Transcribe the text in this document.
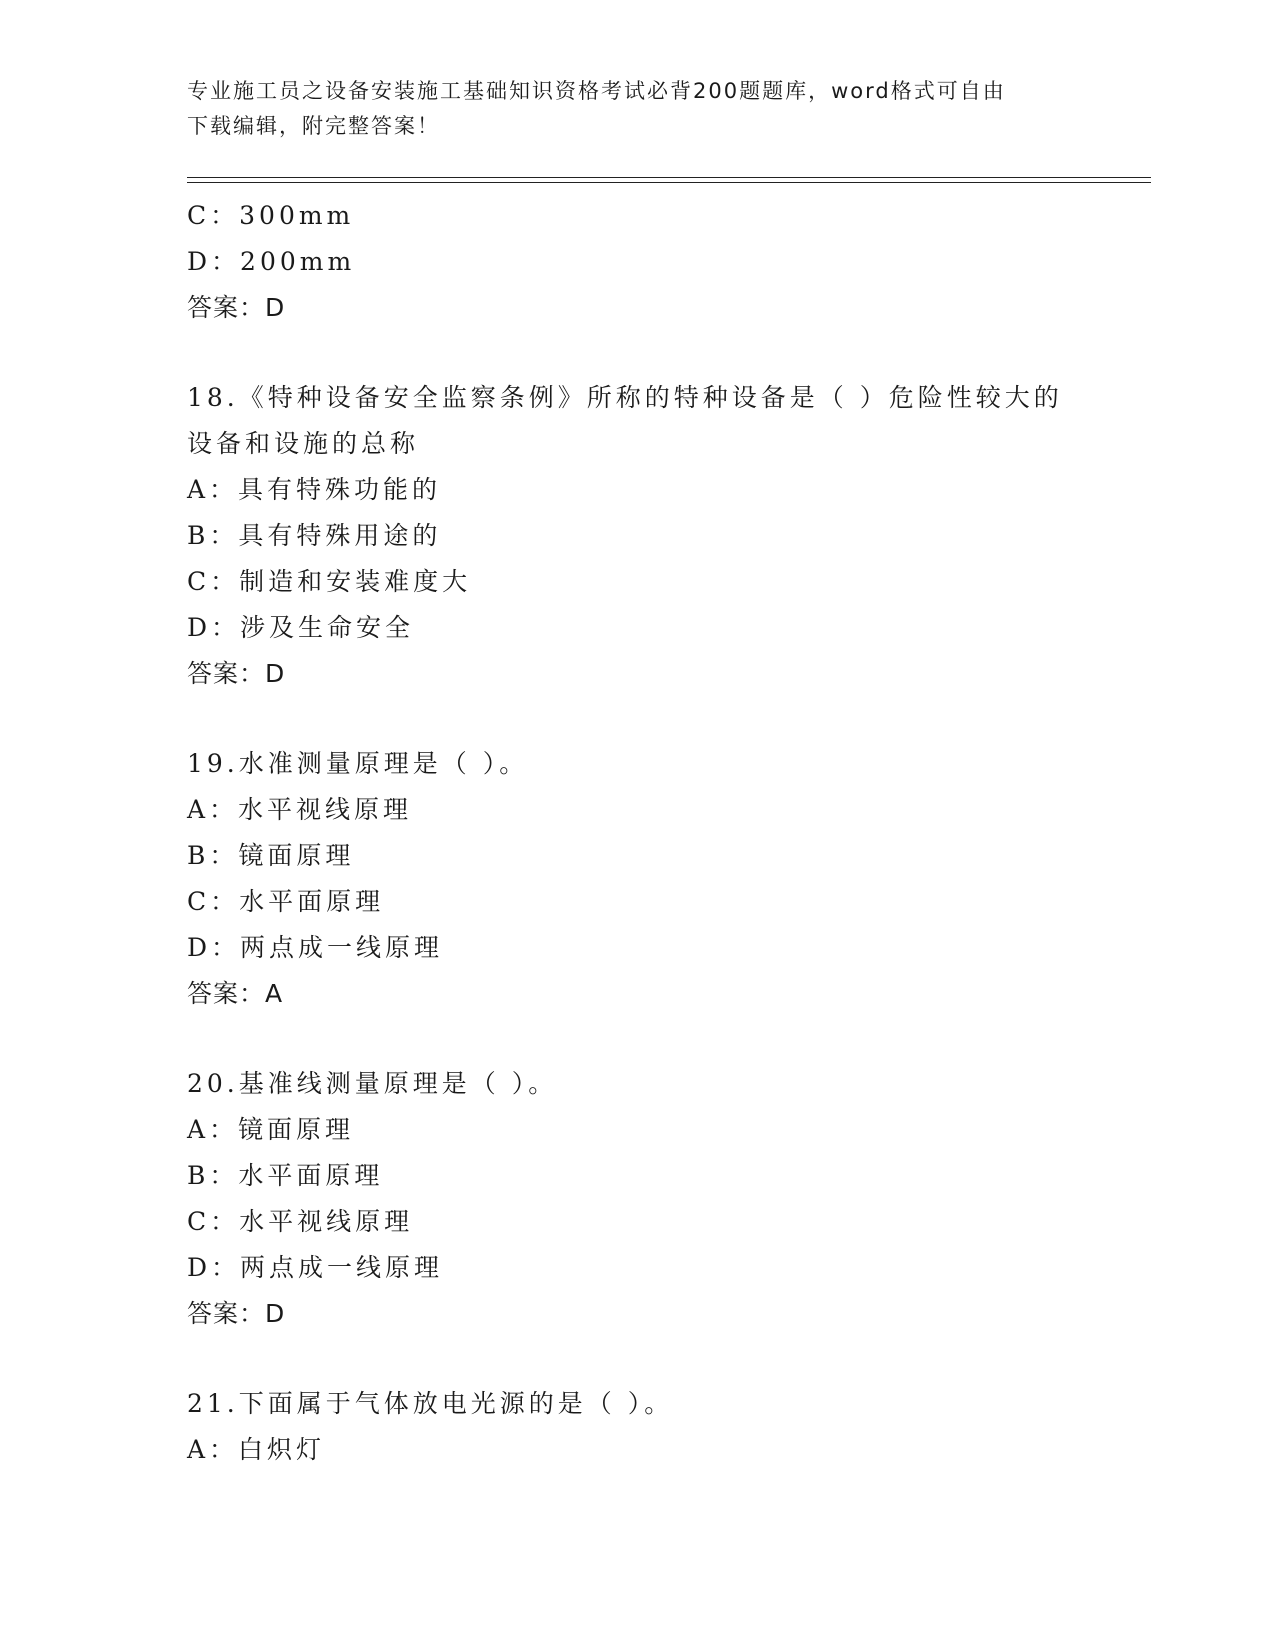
专业施工员之设备安装施工基础知识资格考试必背200题题库，word格式可自由
下载编辑，附完整答案！
C：300mm
D：200mm
答案：D
18.《特种设备安全监察条例》所称的特种设备是（ ）危险性较大的
设备和设施的总称
A：具有特殊功能的
B：具有特殊用途的
C：制造和安装难度大
D：涉及生命安全
答案：D
19.水准测量原理是（ ）。
A：水平视线原理
B：镜面原理
C：水平面原理
D：两点成一线原理
答案：A
20.基准线测量原理是（ ）。
A：镜面原理
B：水平面原理
C：水平视线原理
D：两点成一线原理
答案：D
21.下面属于气体放电光源的是（ ）。
A：白炽灯
